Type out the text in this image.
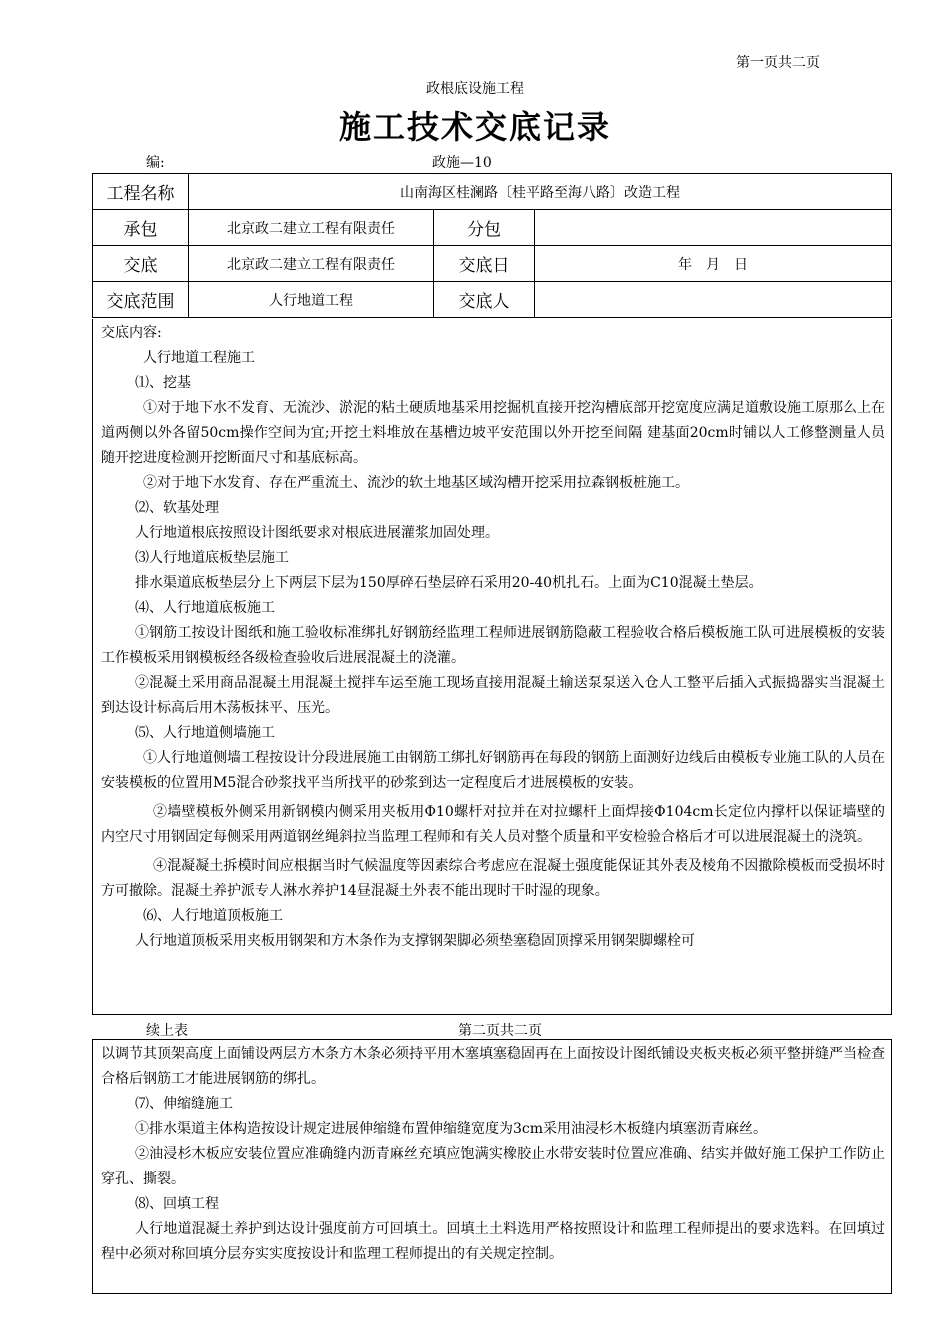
第一页共二页
政根底设施工程
施工技术交底记录
编:	政施—10
工程名称	山南海区桂澜路〔桂平路至海八路〕改造工程		
承包	北京政二建立工程有限责任	分包	
交底	北京政二建立工程有限责任	交底日	年　月　日
交底范围	人行地道工程	交底人	

交底内容:

人行地道工程施工

⑴、挖基

①对于地下水不发育、无流沙、淤泥的粘土硬质地基采用挖掘机直接开挖沟槽底部开挖宽度应满足道敷设施工原那么上在道两侧以外各留50cm操作空间为宜;开挖土料堆放在基槽边坡平安范围以外开挖至间隔 建基面20cm时铺以人工修整测量人员随开挖进度检测开挖断面尺寸和基底标高。

②对于地下水发育、存在严重流土、流沙的软土地基区域沟槽开挖采用拉森钢板桩施工。

⑵、软基处理

人行地道根底按照设计图纸要求对根底进展灌浆加固处理。

⑶人行地道底板垫层施工

排水渠道底板垫层分上下两层下层为150厚碎石垫层碎石采用20-40机扎石。上面为C10混凝土垫层。

⑷、人行地道底板施工

①钢筋工按设计图纸和施工验收标准绑扎好钢筋经监理工程师进展钢筋隐蔽工程验收合格后模板施工队可进展模板的安装工作模板采用钢模板经各级检查验收后进展混凝土的浇灌。

②混凝土采用商品混凝土用混凝土搅拌车运至施工现场直接用混凝土输送泵泵送入仓人工整平后插入式振捣器实当混凝土到达设计标高后用木荡板抹平、压光。

⑸、人行地道侧墙施工

①人行地道侧墙工程按设计分段进展施工由钢筋工绑扎好钢筋再在每段的钢筋上面测好边线后由模板专业施工队的人员在安装模板的位置用M5混合砂浆找平当所找平的砂浆到达一定程度后才进展模板的安装。

②墙壁模板外侧采用新钢模内侧采用夹板用Φ10螺杆对拉并在对拉螺杆上面焊接Φ104cm长定位内撑杆以保证墙壁的内空尺寸用钢固定每侧采用两道钢丝绳斜拉当监理工程师和有关人员对整个质量和平安检验合格后才可以进展混凝土的浇筑。

④混凝凝土拆模时间应根据当时气候温度等因素综合考虑应在混凝土强度能保证其外表及棱角不因撤除模板而受损坏时方可撤除。混凝土养护派专人淋水养护14昼混凝土外表不能出现时干时湿的现象。

⑹、人行地道顶板施工

人行地道顶板采用夹板用钢架和方木条作为支撑钢架脚必须垫塞稳固顶撑采用钢架脚螺栓可

续上表	第二页共二页

以调节其顶架高度上面铺设两层方木条方木条必须持平用木塞填塞稳固再在上面按设计图纸铺设夹板夹板必须平整拼缝严当检查合格后钢筋工才能进展钢筋的绑扎。

⑺、伸缩缝施工

①排水渠道主体构造按设计规定进展伸缩缝布置伸缩缝宽度为3cm采用油浸杉木板缝内填塞沥青麻丝。

②油浸杉木板应安装位置应准确缝内沥青麻丝充填应饱满实橡胶止水带安装时位置应准确、结实并做好施工保护工作防止穿孔、撕裂。

⑻、回填工程

人行地道混凝土养护到达设计强度前方可回填土。回填土土料选用严格按照设计和监理工程师提出的要求选料。在回填过程中必须对称回填分层夯实实度按设计和监理工程师提出的有关规定控制。
